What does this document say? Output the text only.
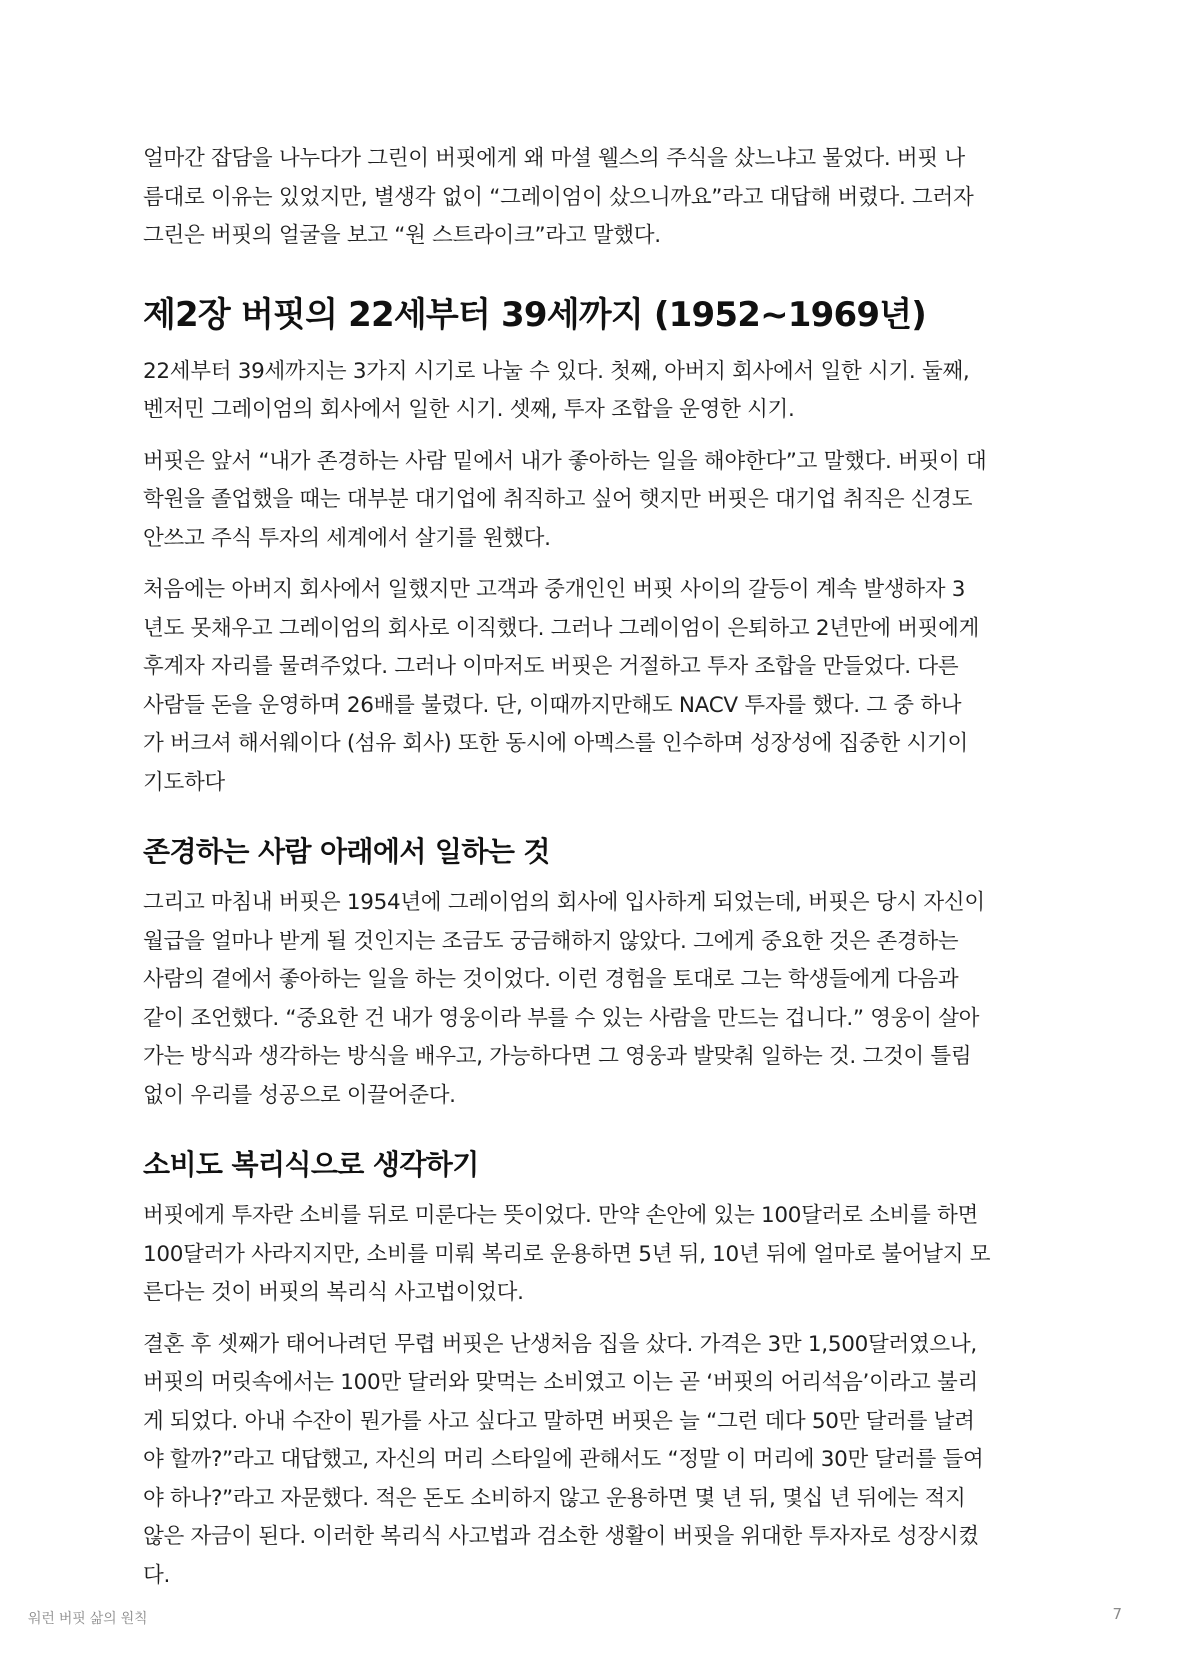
얼마간 잡담을 나누다가 그린이 버핏에게 왜 마셜 웰스의 주식을 샀느냐고 물었다. 버핏 나
름대로 이유는 있었지만, 별생각 없이 “그레이엄이 샀으니까요”라고 대답해 버렸다. 그러자
그린은 버핏의 얼굴을 보고 “원 스트라이크”라고 말했다.

제2장 버핏의 22세부터 39세까지 (1952~1969년)

22세부터 39세까지는 3가지 시기로 나눌 수 있다. 첫째, 아버지 회사에서 일한 시기. 둘째,
벤저민 그레이엄의 회사에서 일한 시기. 셋째, 투자 조합을 운영한 시기.

버핏은 앞서 “내가 존경하는 사람 밑에서 내가 좋아하는 일을 해야한다”고 말했다. 버핏이 대
학원을 졸업했을 때는 대부분 대기업에 취직하고 싶어 햇지만 버핏은 대기업 취직은 신경도
안쓰고 주식 투자의 세계에서 살기를 원했다.

처음에는 아버지 회사에서 일했지만 고객과 중개인인 버핏 사이의 갈등이 계속 발생하자 3
년도 못채우고 그레이엄의 회사로 이직했다. 그러나 그레이엄이 은퇴하고 2년만에 버핏에게
후계자 자리를 물려주었다. 그러나 이마저도 버핏은 거절하고 투자 조합을 만들었다. 다른
사람들 돈을 운영하며 26배를 불렸다. 단, 이때까지만해도 NACV 투자를 했다. 그 중 하나
가 버크셔 해서웨이다 (섬유 회사) 또한 동시에 아멕스를 인수하며 성장성에 집중한 시기이
기도하다

존경하는 사람 아래에서 일하는 것

그리고 마침내 버핏은 1954년에 그레이엄의 회사에 입사하게 되었는데, 버핏은 당시 자신이
월급을 얼마나 받게 될 것인지는 조금도 궁금해하지 않았다. 그에게 중요한 것은 존경하는
사람의 곁에서 좋아하는 일을 하는 것이었다. 이런 경험을 토대로 그는 학생들에게 다음과
같이 조언했다. “중요한 건 내가 영웅이라 부를 수 있는 사람을 만드는 겁니다.” 영웅이 살아
가는 방식과 생각하는 방식을 배우고, 가능하다면 그 영웅과 발맞춰 일하는 것. 그것이 틀림
없이 우리를 성공으로 이끌어준다.

소비도 복리식으로 생각하기

버핏에게 투자란 소비를 뒤로 미룬다는 뜻이었다. 만약 손안에 있는 100달러로 소비를 하면
100달러가 사라지지만, 소비를 미뤄 복리로 운용하면 5년 뒤, 10년 뒤에 얼마로 불어날지 모
른다는 것이 버핏의 복리식 사고법이었다.

결혼 후 셋째가 태어나려던 무렵 버핏은 난생처음 집을 샀다. 가격은 3만 1,500달러였으나,
버핏의 머릿속에서는 100만 달러와 맞먹는 소비였고 이는 곧 ‘버핏의 어리석음’이라고 불리
게 되었다. 아내 수잔이 뭔가를 사고 싶다고 말하면 버핏은 늘 “그런 데다 50만 달러를 날려
야 할까?”라고 대답했고, 자신의 머리 스타일에 관해서도 “정말 이 머리에 30만 달러를 들여
야 하나?”라고 자문했다. 적은 돈도 소비하지 않고 운용하면 몇 년 뒤, 몇십 년 뒤에는 적지
않은 자금이 된다. 이러한 복리식 사고법과 검소한 생활이 버핏을 위대한 투자자로 성장시켰
다.

워런 버핏 삶의 원칙	7
